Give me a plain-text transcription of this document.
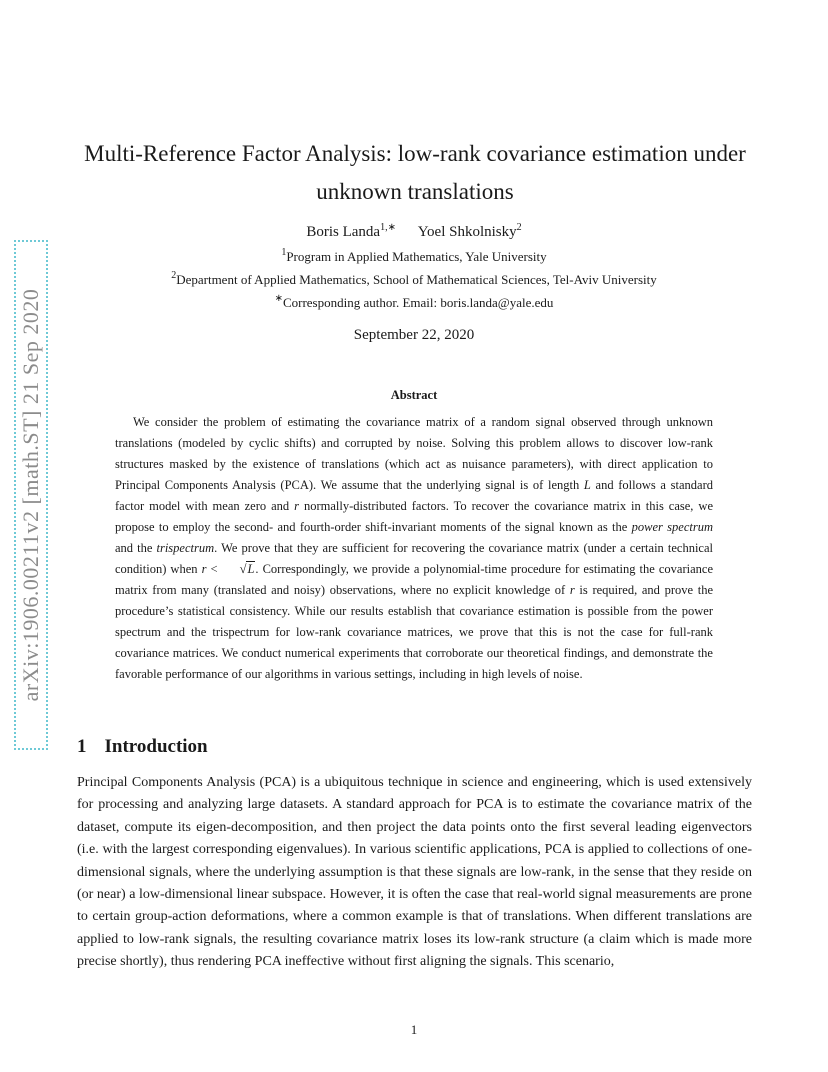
arXiv:1906.00211v2 [math.ST] 21 Sep 2020
Multi-Reference Factor Analysis: low-rank covariance estimation under
unknown translations
Boris Landa$^{1,∗}$ Yoel Shkolnisky$^2$
$^1$Program in Applied Mathematics, Yale University
$^2$Department of Applied Mathematics, School of Mathematical Sciences, Tel-Aviv University
∗Corresponding author. Email: boris.landa@yale.edu
September 22, 2020
Abstract

We consider the problem of estimating the covariance matrix of a random signal observed through unknown translations (modeled by cyclic shifts) and corrupted by noise. Solving this problem allows to discover low-rank structures masked by the existence of translations (which act as nuisance parameters), with direct application to Principal Components Analysis (PCA). We assume that the underlying signal is of length L and follows a standard factor model with mean zero and r normally-distributed factors. To recover the covariance matrix in this case, we propose to employ the second- and fourth-order shift-invariant moments of the signal known as the power spectrum and the trispectrum. We prove that they are sufficient for recovering the covariance matrix (under a certain technical condition) when r < √L. Correspondingly, we provide a polynomial-time procedure for estimating the covariance matrix from many (translated and noisy) observations, where no explicit knowledge of r is required, and prove the procedure’s statistical consistency. While our results establish that covariance estimation is possible from the power spectrum and the trispectrum for low-rank covariance matrices, we prove that this is not the case for full-rank covariance matrices. We conduct numerical experiments that corroborate our theoretical findings, and demonstrate the favorable performance of our algorithms in various settings, including in high levels of noise.

1 Introduction

Principal Components Analysis (PCA) is a ubiquitous technique in science and engineering, which is used extensively for processing and analyzing large datasets. A standard approach for PCA is to estimate the covariance matrix of the dataset, compute its eigen-decomposition, and then project the data points onto the first several leading eigenvectors (i.e. with the largest corresponding eigenvalues). In various scientific applications, PCA is applied to collections of one-dimensional signals, where the underlying assumption is that these signals are low-rank, in the sense that they reside on (or near) a low-dimensional linear subspace. However, it is often the case that real-world signal measurements are prone to certain group-action deformations, where a common example is that of translations. When different translations are applied to low-rank signals, the resulting covariance matrix loses its low-rank structure (a claim which is made more precise shortly), thus rendering PCA ineffective without first aligning the signals. This scenario,

1
